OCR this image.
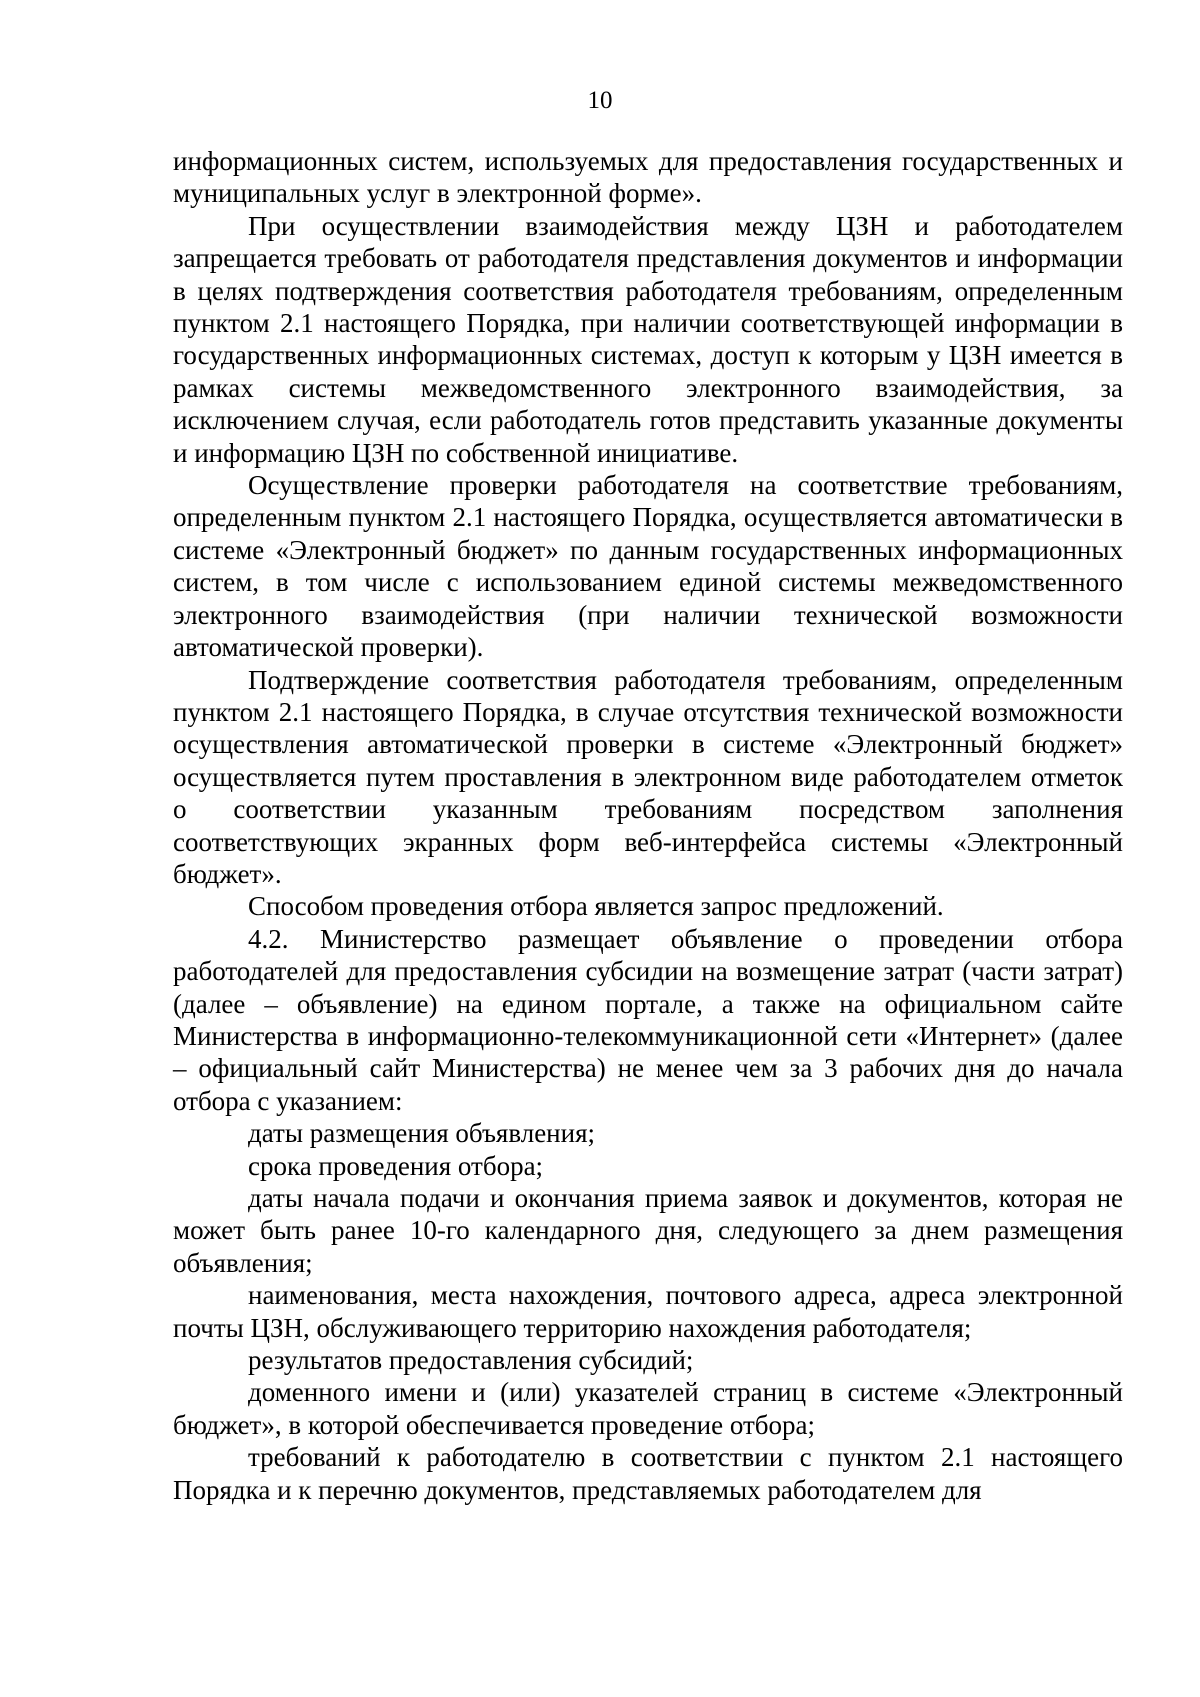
10

информационных систем, используемых для предоставления государственных и муниципальных услуг в электронной форме».

При осуществлении взаимодействия между ЦЗН и работодателем запрещается требовать от работодателя представления документов и информации в целях подтверждения соответствия работодателя требованиям, определенным пунктом 2.1 настоящего Порядка, при наличии соответствующей информации в государственных информационных системах, доступ к которым у ЦЗН имеется в рамках системы межведомственного электронного взаимодействия, за исключением случая, если работодатель готов представить указанные документы и информацию ЦЗН по собственной инициативе.

Осуществление проверки работодателя на соответствие требованиям, определенным пунктом 2.1 настоящего Порядка, осуществляется автоматически в системе «Электронный бюджет» по данным государственных информационных систем, в том числе с использованием единой системы межведомственного электронного взаимодействия (при наличии технической возможности автоматической проверки).

Подтверждение соответствия работодателя требованиям, определенным пунктом 2.1 настоящего Порядка, в случае отсутствия технической возможности осуществления автоматической проверки в системе «Электронный бюджет» осуществляется путем проставления в электронном виде работодателем отметок о соответствии указанным требованиям посредством заполнения соответствующих экранных форм веб-интерфейса системы «Электронный бюджет».

Способом проведения отбора является запрос предложений.

4.2. Министерство размещает объявление о проведении отбора работодателей для предоставления субсидии на возмещение затрат (части затрат) (далее – объявление) на едином портале, а также на официальном сайте Министерства в информационно-телекоммуникационной сети «Интернет» (далее – официальный сайт Министерства) не менее чем за 3 рабочих дня до начала отбора с указанием:

даты размещения объявления;

срока проведения отбора;

даты начала подачи и окончания приема заявок и документов, которая не может быть ранее 10-го календарного дня, следующего за днем размещения объявления;

наименования, места нахождения, почтового адреса, адреса электронной почты ЦЗН, обслуживающего территорию нахождения работодателя;

результатов предоставления субсидий;

доменного имени и (или) указателей страниц в системе «Электронный бюджет», в которой обеспечивается проведение отбора;

требований к работодателю в соответствии с пунктом 2.1 настоящего Порядка и к перечню документов, представляемых работодателем для
